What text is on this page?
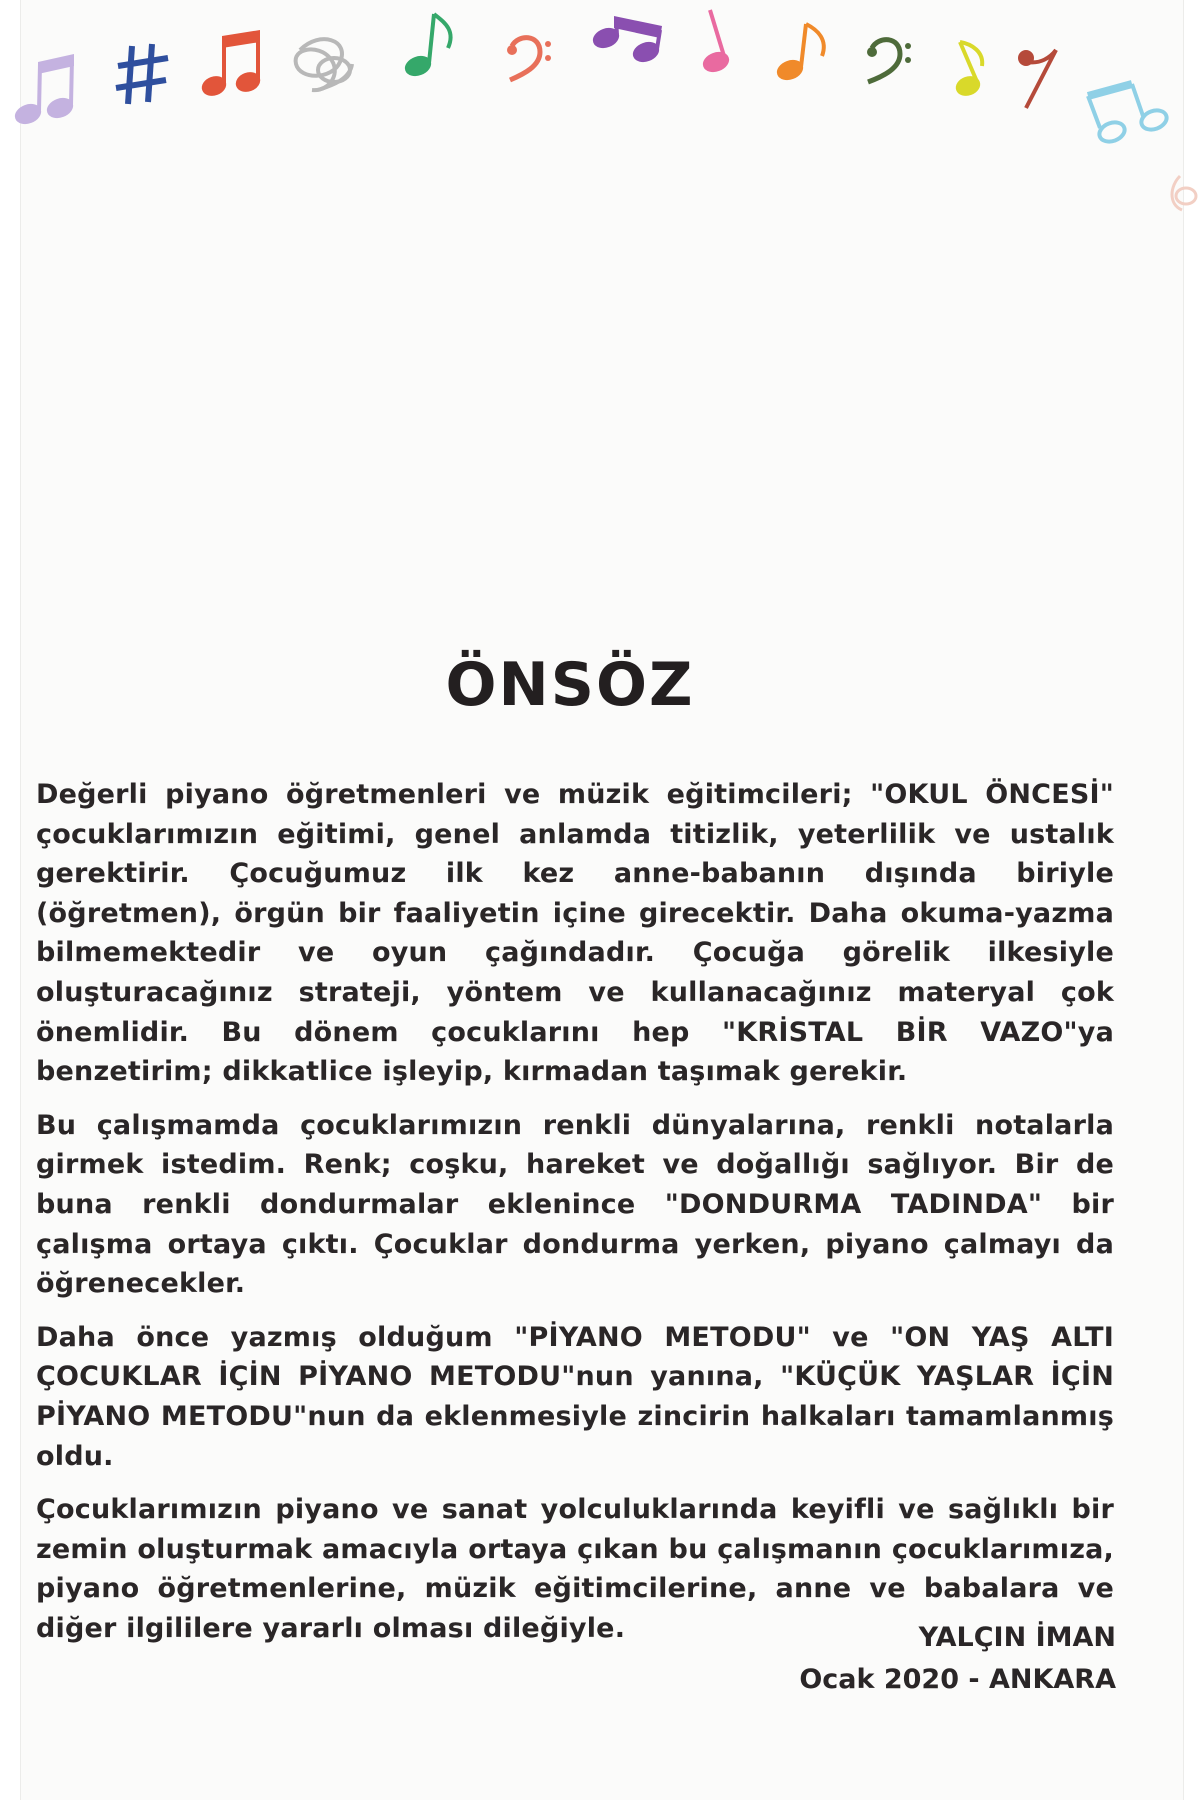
ÖNSÖZ

Değerli piyano öğretmenleri ve müzik eğitimcileri; "OKUL ÖNCESİ" çocuklarımızın eğitimi, genel anlamda titizlik, yeterlilik ve ustalık gerektirir. Çocuğumuz ilk kez anne-babanın dışında biriyle (öğretmen), örgün bir faaliyetin içine girecektir. Daha okuma-yazma bilmemektedir ve oyun çağındadır. Çocuğa görelik ilkesiyle oluşturacağınız strateji, yöntem ve kullanacağınız materyal çok önemlidir. Bu dönem çocuklarını hep "KRİSTAL BİR VAZO"ya benzetirim; dikkatlice işleyip, kırmadan taşımak gerekir.

Bu çalışmamda çocuklarımızın renkli dünyalarına, renkli notalarla girmek istedim. Renk; coşku, hareket ve doğallığı sağlıyor. Bir de buna renkli dondurmalar eklenince "DONDURMA TADINDA" bir çalışma ortaya çıktı. Çocuklar dondurma yerken, piyano çalmayı da öğrenecekler.

Daha önce yazmış olduğum "PİYANO METODU" ve "ON YAŞ ALTI ÇOCUKLAR İÇİN PİYANO METODU"nun yanına, "KÜÇÜK YAŞLAR İÇİN PİYANO METODU"nun da eklenmesiyle zincirin halkaları tamamlanmış oldu.

Çocuklarımızın piyano ve sanat yolculuklarında keyifli ve sağlıklı bir zemin oluşturmak amacıyla ortaya çıkan bu çalışmanın çocuklarımıza, piyano öğretmenlerine, müzik eğitimcilerine, anne ve babalara ve diğer ilgililere yararlı olması dileğiyle.	YALÇIN İMAN
Ocak 2020 - ANKARA
